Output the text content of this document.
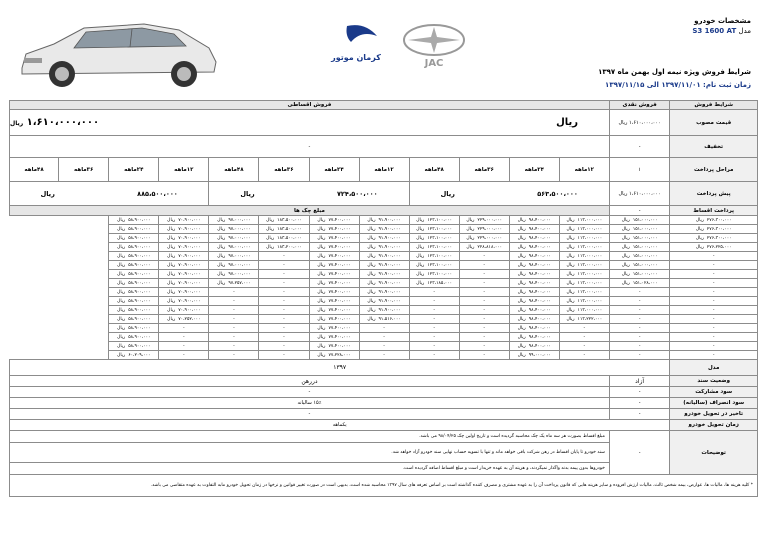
کرمان موتور
JAC
مشخصات خودرو
مدل S3 1600 AT
شرایط فروش ویژه نیمه اول بهمن ماه ۱۳۹۷
زمان ثبت نام: ۱۳۹۷/۱۱/۰۱ الی ۱۳۹۷/۱۱/۱۵
شرایط فروش	فروش نقدی	فروش اقساطی											
قیمت مصوب	۱،۶۱۰،۰۰۰،۰۰۰ ریال	ریال  ۱،۶۱۰،۰۰۰،۰۰۰ ریال											
تخفیف	-	-											
مراحل پرداخت	۱	۱۲ماهه	۲۴ماهه	۳۶ماهه	۴۸ماهه	۱۲ماهه	۲۴ماهه	۳۶ماهه	۴۸ماهه	۱۲ماهه	۲۴ماهه	۳۶ماهه	۴۸ماهه
پیش پرداخت	۱،۶۱۰،۰۰۰،۰۰۰ ریال	۵۶۳،۵۰۰،۰۰۰ ریال				۷۲۴،۵۰۰،۰۰۰ ریال				۸۸۵،۵۰۰،۰۰۰ ریال			
پرداخت اقساط	-	مبلغ چک ها											
۲۷۶،۳۰۰،۰۰۰ریال	۱۵۱،۰۰۰،۰۰۰ریال	۱۱۳،۰۰۰،۰۰۰ریال	۹۸،۴۰۰،۰۰۰ریال	۲۲۹،۰۰۰،۰۰۰ریال	۱۲۳،۱۰۰،۰۰۰ریال	۹۱،۹۰۰،۰۰۰ریال	۷۷،۴۰۰،۰۰۰ریال	۱۸۳،۵۰۰،۰۰۰ریال	۹۷،۰۰۰،۰۰۰ریال	۷۰،۹۰۰،۰۰۰ریال	۵۸،۹۰۰،۰۰۰ریال		
۲۷۶،۳۰۰،۰۰۰ریال	۱۵۱،۰۰۰،۰۰۰ریال	۱۱۳،۰۰۰،۰۰۰ریال	۹۸،۴۰۰،۰۰۰ریال	۲۲۹،۰۰۰،۰۰۰ریال	۱۲۳،۱۰۰،۰۰۰ریال	۹۱،۹۰۰،۰۰۰ریال	۷۷،۴۰۰،۰۰۰ریال	۱۸۳،۵۰۰،۰۰۰ریال	۹۷،۰۰۰،۰۰۰ریال	۷۰،۹۰۰،۰۰۰ریال	۵۸،۹۰۰،۰۰۰ریال		
۲۷۶،۳۰۰،۰۰۰ریال	۱۵۱،۰۰۰،۰۰۰ریال	۱۱۳،۰۰۰،۰۰۰ریال	۹۸،۴۰۰،۰۰۰ریال	۲۲۹،۰۰۰،۰۰۰ریال	۱۲۳،۱۰۰،۰۰۰ریال	۹۱،۹۰۰،۰۰۰ریال	۷۷،۴۰۰،۰۰۰ریال	۱۸۳،۵۰۰،۰۰۰ریال	۹۷،۰۰۰،۰۰۰ریال	۷۰،۹۰۰،۰۰۰ریال	۵۸،۹۰۰،۰۰۰ریال		
۲۷۶،۲۲۵،۰۰۰ریال	۱۵۱،۰۰۰،۰۰۰ریال	۱۱۳،۰۰۰،۰۰۰ریال	۹۸،۴۰۰،۰۰۰ریال	۲۲۸،۸۱۸،۰۰۰ریال	۱۲۳،۱۰۰،۰۰۰ریال	۹۱،۹۰۰،۰۰۰ریال	۷۷،۴۰۰،۰۰۰ریال	۱۸۳،۲۰۰،۰۰۰ریال	۹۷،۰۰۰،۰۰۰ریال	۷۰،۹۰۰،۰۰۰ریال	۵۸،۹۰۰،۰۰۰ریال		
-	۱۵۱،۰۰۰،۰۰۰ریال	۱۱۳،۰۰۰،۰۰۰ریال	۹۸،۴۰۰،۰۰۰ریال	-	۱۲۳،۱۰۰،۰۰۰ریال	۹۱،۹۰۰،۰۰۰ریال	۷۷،۴۰۰،۰۰۰ریال	-	۹۷،۰۰۰،۰۰۰ریال	۷۰،۹۰۰،۰۰۰ریال	۵۸،۹۰۰،۰۰۰ریال		
-	۱۵۱،۰۰۰،۰۰۰ریال	۱۱۳،۰۰۰،۰۰۰ریال	۹۸،۴۰۰،۰۰۰ریال	-	۱۲۳،۱۰۰،۰۰۰ریال	۹۱،۹۰۰،۰۰۰ریال	۷۷،۴۰۰،۰۰۰ریال	-	۹۷،۰۰۰،۰۰۰ریال	۷۰،۹۰۰،۰۰۰ریال	۵۸،۹۰۰،۰۰۰ریال		
-	۱۵۱،۰۰۰،۰۰۰ریال	۱۱۳،۰۰۰،۰۰۰ریال	۹۸،۴۰۰،۰۰۰ریال	-	۱۲۳،۱۰۰،۰۰۰ریال	۹۱،۹۰۰،۰۰۰ریال	۷۷،۴۰۰،۰۰۰ریال	-	۹۷،۰۰۰،۰۰۰ریال	۷۰،۹۰۰،۰۰۰ریال	۵۸،۹۰۰،۰۰۰ریال		
-	۱۵۱،۰۲۸،۰۰۰ریال	۱۱۳،۰۰۰،۰۰۰ریال	۹۸،۴۰۰،۰۰۰ریال	-	۱۲۳،۱۸۵،۰۰۰ریال	۹۱،۹۰۰،۰۰۰ریال	۷۷،۴۰۰،۰۰۰ریال	-	۹۷،۲۵۷،۰۰۰ریال	۷۰،۹۰۰،۰۰۰ریال	۵۸،۹۰۰،۰۰۰ریال		
-	-	۱۱۳،۰۰۰،۰۰۰ریال	۹۸،۴۰۰،۰۰۰ریال	-	-	۹۱،۹۰۰،۰۰۰ریال	۷۷،۴۰۰،۰۰۰ریال	-	-	۷۰،۹۰۰،۰۰۰ریال	۵۸،۹۰۰،۰۰۰ریال		
-	-	۱۱۳،۰۰۰،۰۰۰ریال	۹۸،۴۰۰،۰۰۰ریال	-	-	۹۱،۹۰۰،۰۰۰ریال	۷۷،۴۰۰،۰۰۰ریال	-	-	۷۰،۹۰۰،۰۰۰ریال	۵۸،۹۰۰،۰۰۰ریال		
-	-	۱۱۳،۰۰۰،۰۰۰ریال	۹۸،۴۰۰،۰۰۰ریال	-	-	۹۱،۹۰۰،۰۰۰ریال	۷۷،۴۰۰،۰۰۰ریال	-	-	۷۰،۹۰۰،۰۰۰ریال	۵۸،۹۰۰،۰۰۰ریال		
-	-	۱۱۳،۲۲۲،۰۰۰ریال	۹۸،۴۰۰،۰۰۰ریال	-	-	۹۱،۵۱۶،۰۰۰ریال	۷۷،۴۰۰،۰۰۰ریال	-	-	۷۰،۲۵۲،۰۰۰ریال	۵۸،۹۰۰،۰۰۰ریال		
-	-	-	۹۸،۴۰۰،۰۰۰ریال	-	-	-	۷۷،۴۰۰،۰۰۰ریال	-	-	-	۵۸،۹۰۰،۰۰۰ریال		
-	-	-	۹۸،۴۰۰،۰۰۰ریال	-	-	-	۷۷،۴۰۰،۰۰۰ریال	-	-	-	۵۸،۹۰۰،۰۰۰ریال		
-	-	-	۹۸،۴۰۰،۰۰۰ریال	-	-	-	۷۷،۴۰۰،۰۰۰ریال	-	-	-	۵۸،۹۰۰،۰۰۰ریال		
-	-	-	۹۹،۰۰۰،۰۰۰ریال	-	-	-	۷۷،۲۲۸،۰۰۰ریال	-	-	-	۶۰،۲۰۹،۰۰۰ریال		
مدل	۱۳۹۷												
وضعیت سند	آزاد	دررهن											
سود مشارکت	-	-											
سود انصراف (سالیانه)	-	۱۵٪ سالیانه											
تاخیر در تحویل خودرو	-	-											
زمان تحویل خودرو	یکماهه												
توضیحات	-	مبلغ اقساط بصورت هر سه ماه یک چک محاسبه گردیده است و تاریخ اولین چک ۹۸/۰۴/۲۵ می باشد.											
		سند خودرو تا پایان اقساط در رهن شرکت باقی خواهد ماند و تنها با تسویه حساب نهایی سند خودرو آزاد خواهد شد.											
		خودروها بدون پیمه بدنه واگذار نمیگردند، و هزینه آن به عهده خریدار است و مبلغ اقساط اضافه گردیده است.											
* کلیه هزینه ها، مالیات ها، عوارض، بیمه شخص ثالث، مالیات ارزش افزوده و سایر هزینه هایی که قانون پرداخت آن را به عهده مشتری و مصرف کننده گذاشته است بر اساس تعرفه های سال ۱۳۹۷ محاسبه شده است، بدیهی است در صورت تغییر قوانین و نرخها در زمان تحویل خودرو مابه التفاوت به عهده متقاضی می باشد.													
